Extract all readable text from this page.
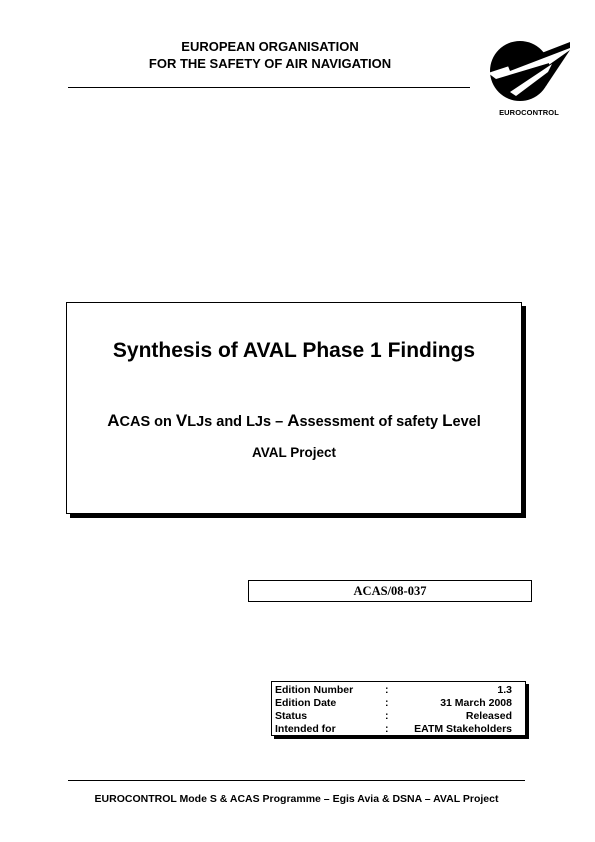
EUROPEAN ORGANISATION
FOR THE SAFETY OF AIR NAVIGATION
EUROCONTROL
Synthesis of AVAL Phase 1 Findings
ACAS on VLJs and LJs – Assessment of safety Level
AVAL Project
ACAS/08-037
Edition Number	:	1.3
Edition Date	:	31 March 2008
Status	:	Released
Intended for	: EATM Stakeholders
EUROCONTROL Mode S & ACAS Programme – Egis Avia & DSNA – AVAL Project
